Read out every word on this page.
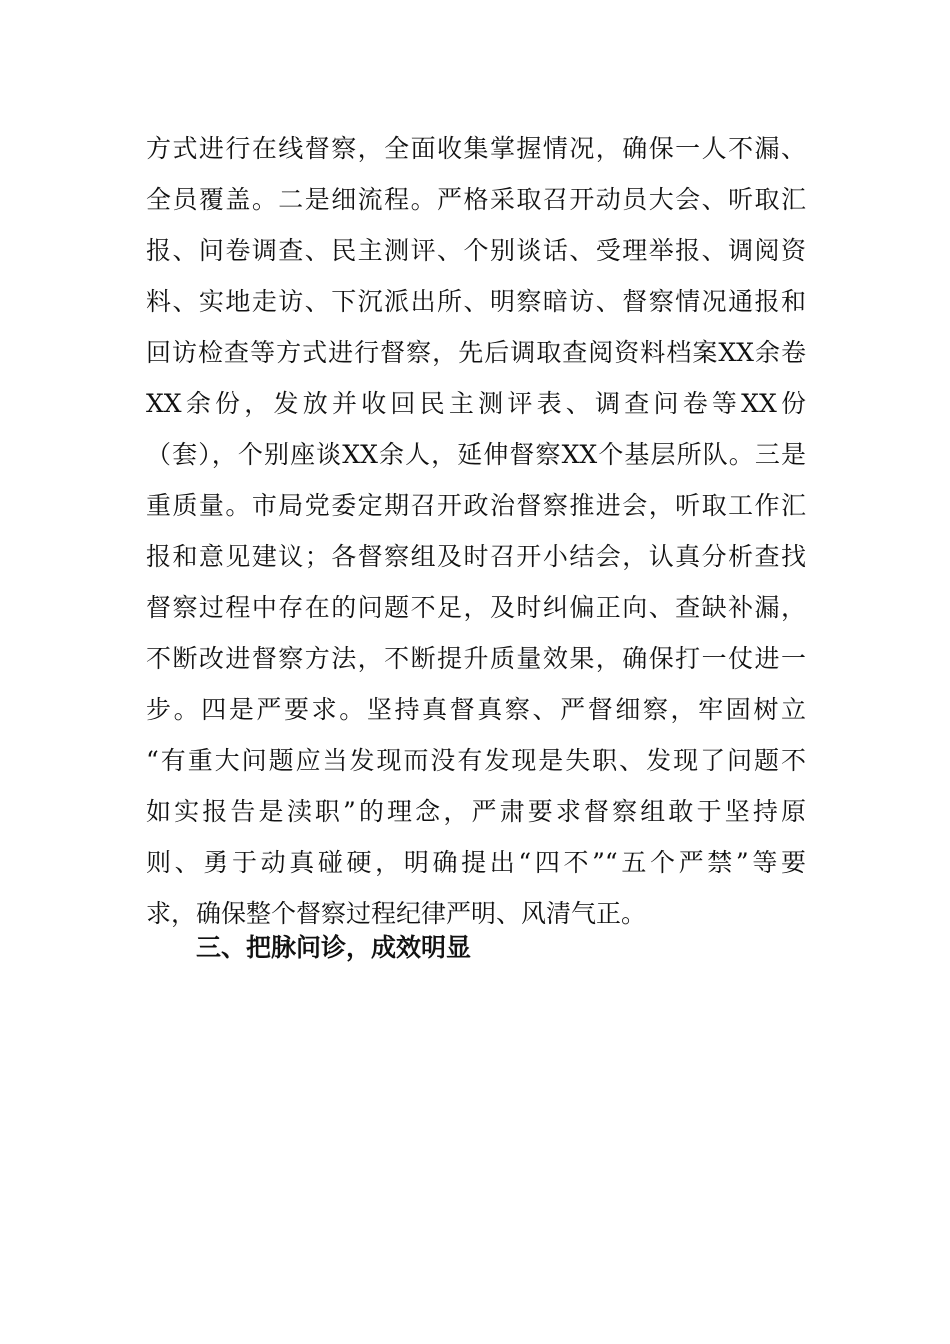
方式进行在线督察，全面收集掌握情况，确保一人不漏、
全员覆盖。二是细流程。严格采取召开动员大会、听取汇
报、问卷调查、民主测评、个别谈话、受理举报、调阅资
料、实地走访、下沉派出所、明察暗访、督察情况通报和
回访检查等方式进行督察，先后调取查阅资料档案XX余卷
XX余份，发放并收回民主测评表、调查问卷等XX份
（套），个别座谈XX余人，延伸督察XX个基层所队。三是
重质量。市局党委定期召开政治督察推进会，听取工作汇
报和意见建议；各督察组及时召开小结会，认真分析查找
督察过程中存在的问题不足，及时纠偏正向、查缺补漏，
不断改进督察方法，不断提升质量效果，确保打一仗进一
步。四是严要求。坚持真督真察、严督细察，牢固树立
“有重大问题应当发现而没有发现是失职、发现了问题不
如实报告是渎职”的理念，严肃要求督察组敢于坚持原
则、勇于动真碰硬，明确提出“四不”“五个严禁”等要
求，确保整个督察过程纪律严明、风清气正。
三、把脉问诊，成效明显
